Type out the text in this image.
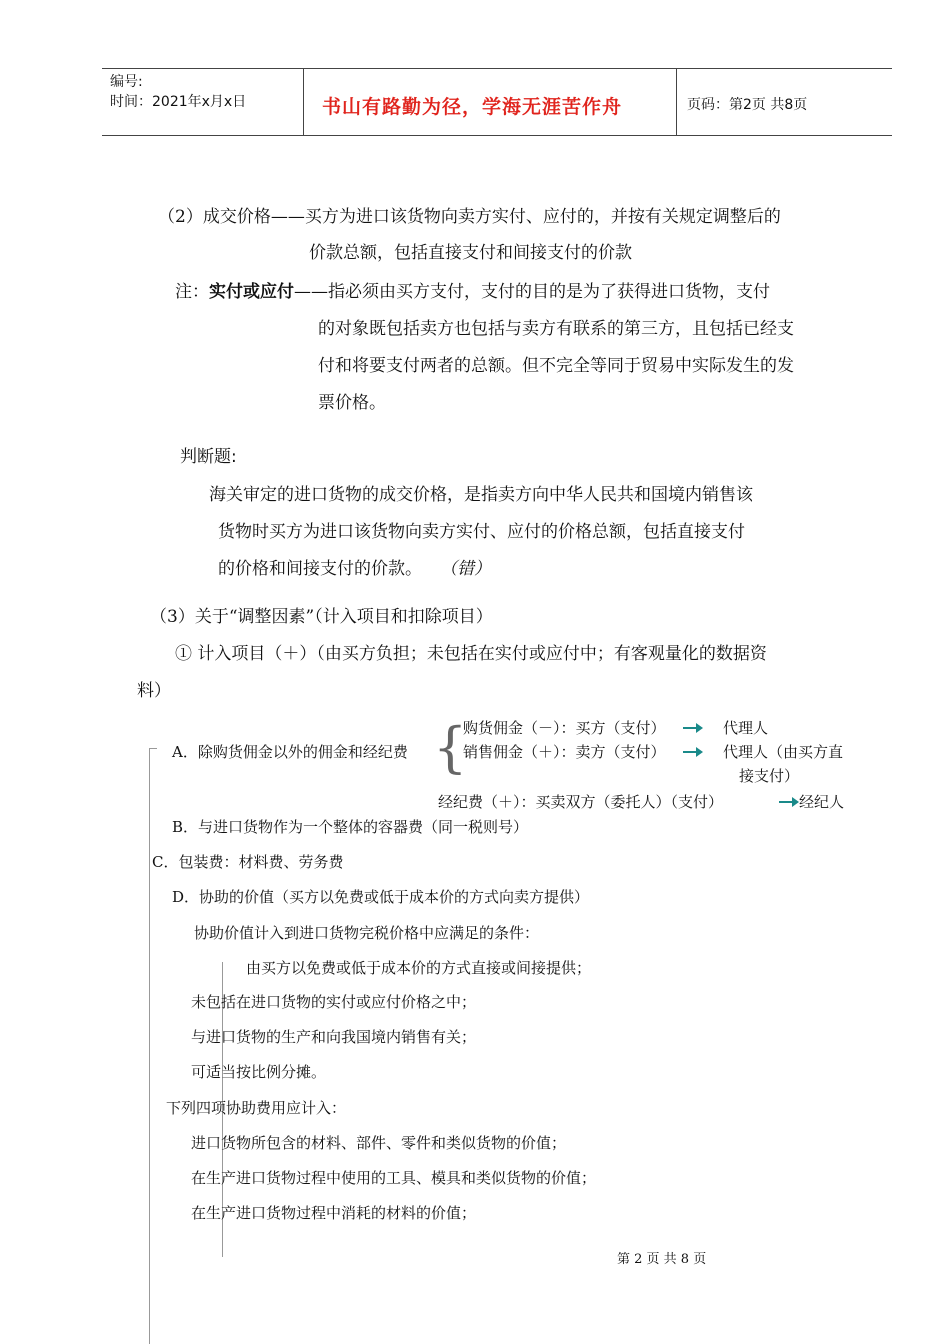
编号:
时间：2021年x月x日	书山有路勤为径，学海无涯苦作舟	页码：第2页 共8页
（2）成交价格——买方为进口该货物向卖方实付、应付的，并按有关规定调整后的
价款总额，包括直接支付和间接支付的价款
注：实付或应付——指必须由买方支付，支付的目的是为了获得进口货物，支付
的对象既包括卖方也包括与卖方有联系的第三方，且包括已经支
付和将要支付两者的总额。但不完全等同于贸易中实际发生的发
票价格。
判断题:
海关审定的进口货物的成交价格，是指卖方向中华人民共和国境内销售该
货物时买方为进口该货物向卖方实付、应付的价格总额，包括直接支付
的价格和间接支付的价款。 （错）
（3）关于“调整因素”（计入项目和扣除项目）
① 计入项目（＋）（由买方负担；未包括在实付或应付中；有客观量化的数据资
料）
A．除购货佣金以外的佣金和经纪费 {
购货佣金（－）：买方（支付）	代理人
销售佣金（＋）：卖方（支付）	代理人（由买方直
接支付）
经纪费（＋）：买卖双方（委托人）（支付）	经纪人
B．与进口货物作为一个整体的容器费（同一税则号）
C．包装费：材料费、劳务费
D．协助的价值（买方以免费或低于成本价的方式向卖方提供）
协助价值计入到进口货物完税价格中应满足的条件：
由买方以免费或低于成本价的方式直接或间接提供；
未包括在进口货物的实付或应付价格之中；
与进口货物的生产和向我国境内销售有关；
可适当按比例分摊。
下列四项协助费用应计入：
进口货物所包含的材料、部件、零件和类似货物的价值；
在生产进口货物过程中使用的工具、模具和类似货物的价值；
在生产进口货物过程中消耗的材料的价值；
第 2 页 共 8 页
